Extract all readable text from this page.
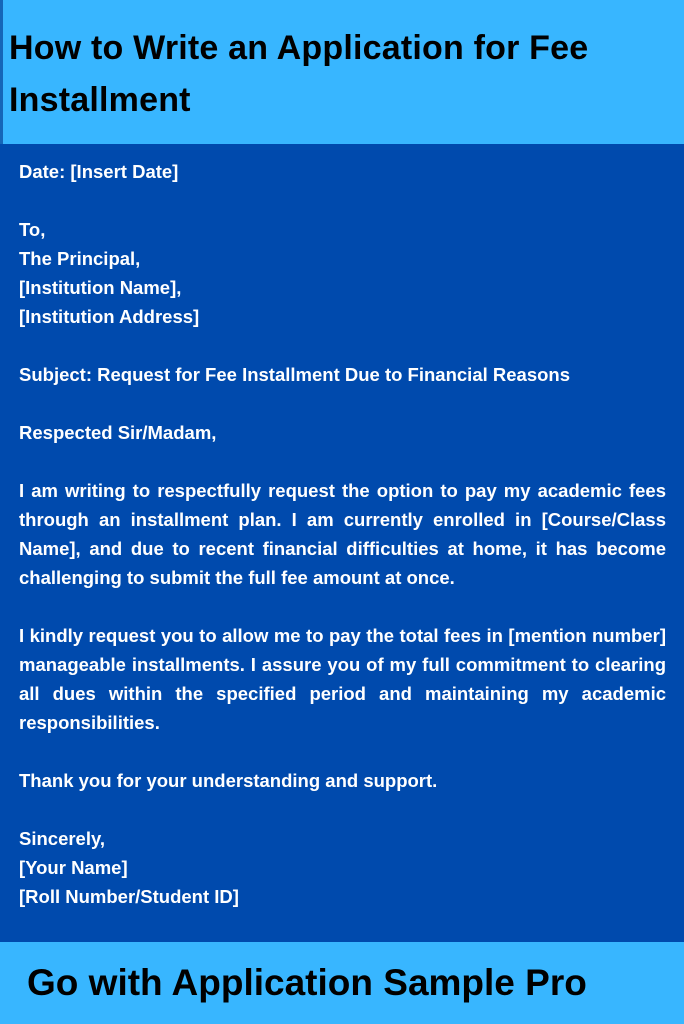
How to Write an Application for Fee Installment

Date: [Insert Date]

To,

The Principal,

[Institution Name],

[Institution Address]

Subject: Request for Fee Installment Due to Financial Reasons

Respected Sir/Madam,

I am writing to respectfully request the option to pay my academic fees through an installment plan. I am currently enrolled in [Course/Class Name], and due to recent financial difficulties at home, it has become challenging to submit the full fee amount at once.

I kindly request you to allow me to pay the total fees in [mention number] manageable installments. I assure you of my full commitment to clearing all dues within the specified period and maintaining my academic responsibilities.

Thank you for your understanding and support.

Sincerely,

[Your Name]

[Roll Number/Student ID]

Go with Application Sample Pro
